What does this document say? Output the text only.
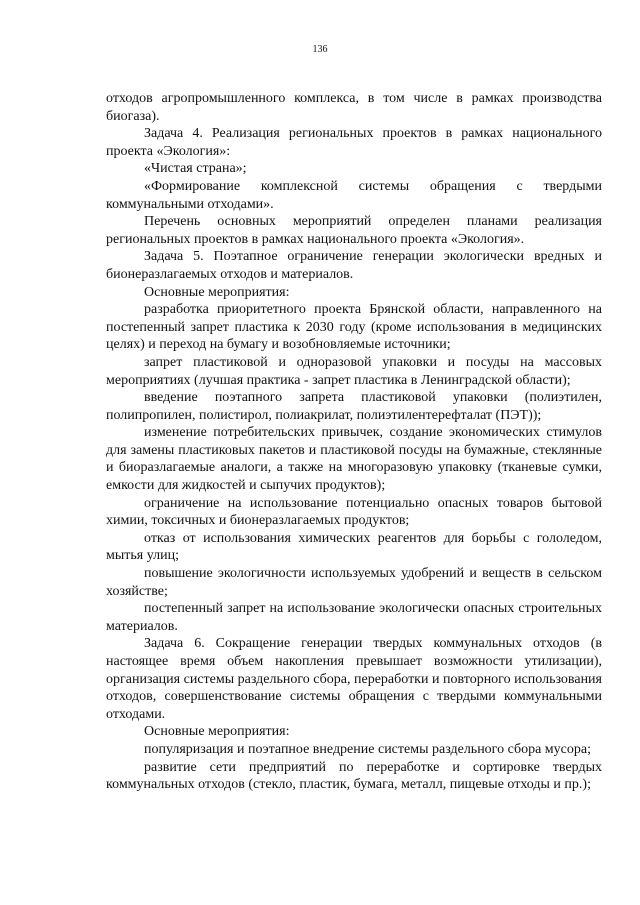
136

отходов агропромышленного комплекса, в том числе в рамках производства биогаза).

Задача 4. Реализация региональных проектов в рамках национального проекта «Экология»:

«Чистая страна»;

«Формирование комплексной системы обращения с твердыми коммунальными отходами».

Перечень основных мероприятий определен планами реализация региональных проектов в рамках национального проекта «Экология».

Задача 5. Поэтапное ограничение генерации экологически вредных и бионеразлагаемых отходов и материалов.

Основные мероприятия:

разработка приоритетного проекта Брянской области, направленного на постепенный запрет пластика к 2030 году (кроме использования в медицинских целях) и переход на бумагу и возобновляемые источники;

запрет пластиковой и одноразовой упаковки и посуды на массовых мероприятиях (лучшая практика - запрет пластика в Ленинградской области);

введение поэтапного запрета пластиковой упаковки (полиэтилен, полипропилен, полистирол, полиакрилат, полиэтилентерефталат (ПЭТ));

изменение потребительских привычек, создание экономических стимулов для замены пластиковых пакетов и пластиковой посуды на бумажные, стеклянные и биоразлагаемые аналоги, а также на многоразовую упаковку (тканевые сумки, емкости для жидкостей и сыпучих продуктов);

ограничение на использование потенциально опасных товаров бытовой химии, токсичных и бионеразлагаемых продуктов;

отказ от использования химических реагентов для борьбы с гололедом, мытья улиц;

повышение экологичности используемых удобрений и веществ в сельском хозяйстве;

постепенный запрет на использование экологически опасных строительных материалов.

Задача 6. Сокращение генерации твердых коммунальных отходов (в настоящее время объем накопления превышает возможности утилизации), организация системы раздельного сбора, переработки и повторного использования отходов, совершенствование системы обращения с твердыми коммунальными отходами.

Основные мероприятия:

популяризация и поэтапное внедрение системы раздельного сбора мусора;

развитие сети предприятий по переработке и сортировке твердых коммунальных отходов (стекло, пластик, бумага, металл, пищевые отходы и пр.);
